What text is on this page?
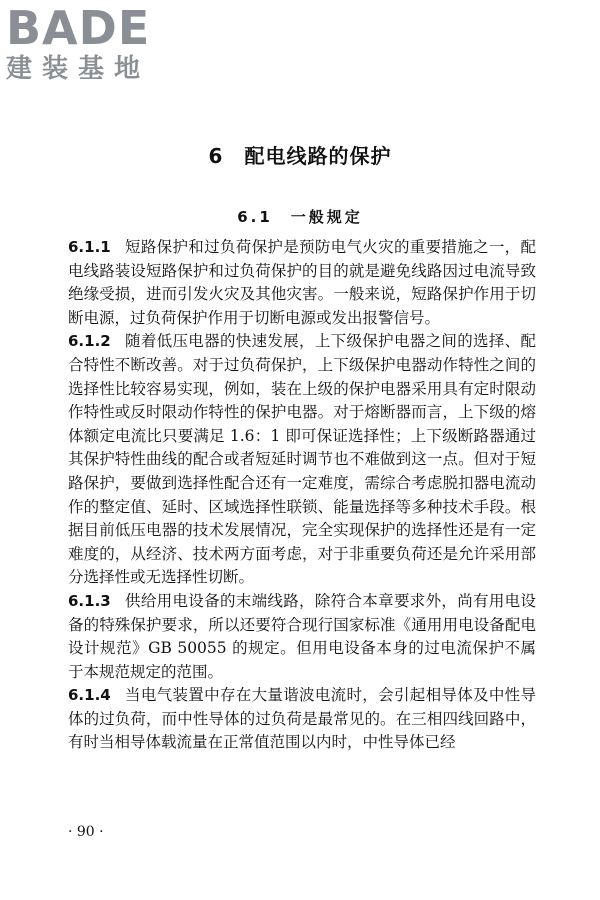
BADE
建装基地
6　配电线路的保护
6.1　一般规定

6.1.1 短路保护和过负荷保护是预防电气火灾的重要措施之一，配电线路装设短路保护和过负荷保护的目的就是避免线路因过电流导致绝缘受损，进而引发火灾及其他灾害。一般来说，短路保护作用于切断电源，过负荷保护作用于切断电源或发出报警信号。

6.1.2 随着低压电器的快速发展，上下级保护电器之间的选择、配合特性不断改善。对于过负荷保护，上下级保护电器动作特性之间的选择性比较容易实现，例如，装在上级的保护电器采用具有定时限动作特性或反时限动作特性的保护电器。对于熔断器而言，上下级的熔体额定电流比只要满足 1.6：1 即可保证选择性；上下级断路器通过其保护特性曲线的配合或者短延时调节也不难做到这一点。但对于短路保护，要做到选择性配合还有一定难度，需综合考虑脱扣器电流动作的整定值、延时、区域选择性联锁、能量选择等多种技术手段。根据目前低压电器的技术发展情况，完全实现保护的选择性还是有一定难度的，从经济、技术两方面考虑，对于非重要负荷还是允许采用部分选择性或无选择性切断。

6.1.3 供给用电设备的末端线路，除符合本章要求外，尚有用电设备的特殊保护要求，所以还要符合现行国家标准《通用用电设备配电设计规范》GB 50055 的规定。但用电设备本身的过电流保护不属于本规范规定的范围。

6.1.4 当电气装置中存在大量谐波电流时，会引起相导体及中性导体的过负荷，而中性导体的过负荷是最常见的。在三相四线回路中，有时当相导体载流量在正常值范围以内时，中性导体已经

· 90 ·
